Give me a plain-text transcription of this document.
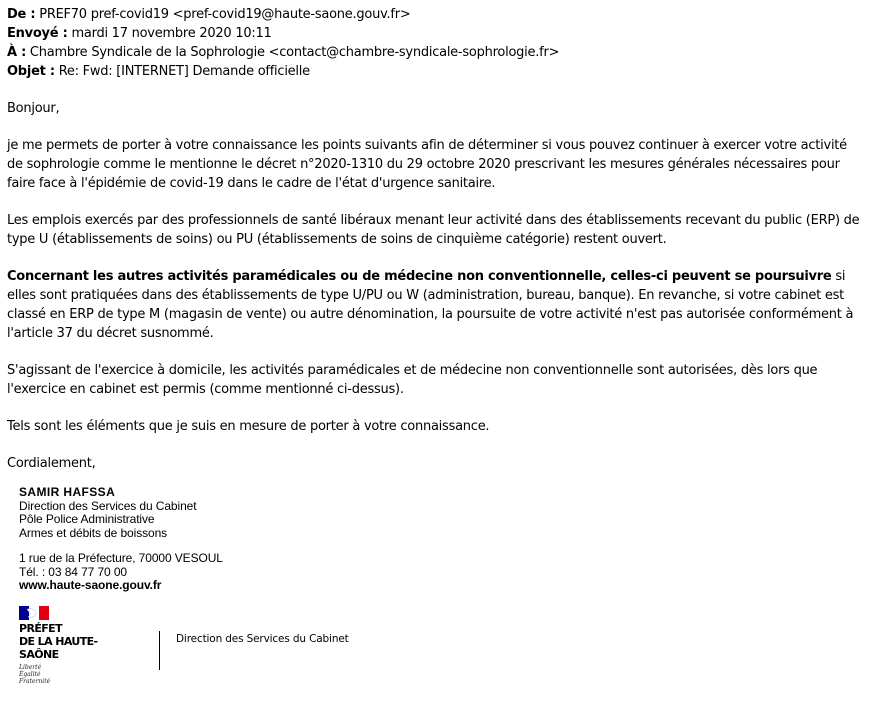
De : PREF70 pref-covid19 <pref-covid19@haute-saone.gouv.fr>
Envoyé : mardi 17 novembre 2020 10:11
À : Chambre Syndicale de la Sophrologie <contact@chambre-syndicale-sophrologie.fr>
Objet : Re: Fwd: [INTERNET] Demande officielle
Bonjour,

je me permets de porter à votre connaissance les points suivants afin de déterminer si vous pouvez continuer à exercer votre activité de sophrologie comme le mentionne le décret n°2020-1310 du 29 octobre 2020 prescrivant les mesures générales nécessaires pour faire face à l'épidémie de covid-19 dans le cadre de l'état d'urgence sanitaire.

Les emplois exercés par des professionnels de santé libéraux menant leur activité dans des établissements recevant du public (ERP) de type U (établissements de soins) ou PU (établissements de soins de cinquième catégorie) restent ouvert.

Concernant les autres activités paramédicales ou de médecine non conventionnelle, celles-ci peuvent se poursuivre si elles sont pratiquées dans des établissements de type U/PU ou W (administration, bureau, banque). En revanche, si votre cabinet est classé en ERP de type M (magasin de vente) ou autre dénomination, la poursuite de votre activité n'est pas autorisée conformément à l'article 37 du décret susnommé.

S'agissant de l'exercice à domicile, les activités paramédicales et de médecine non conventionnelle sont autorisées, dès lors que l'exercice en cabinet est permis (comme mentionné ci-dessus).

Tels sont les éléments que je suis en mesure de porter à votre connaissance.

Cordialement,

SAMIR HAFSSA
Direction des Services du Cabinet
Pôle Police Administrative
Armes et débits de boissons
1 rue de la Préfecture, 70000 VESOUL
Tél. : 03 84 77 70 00
www.haute-saone.gouv.fr
PRÉFET
DE LA HAUTE-
SAÔNE
Liberté
Égalité
Fraternité
Direction des Services du Cabinet
